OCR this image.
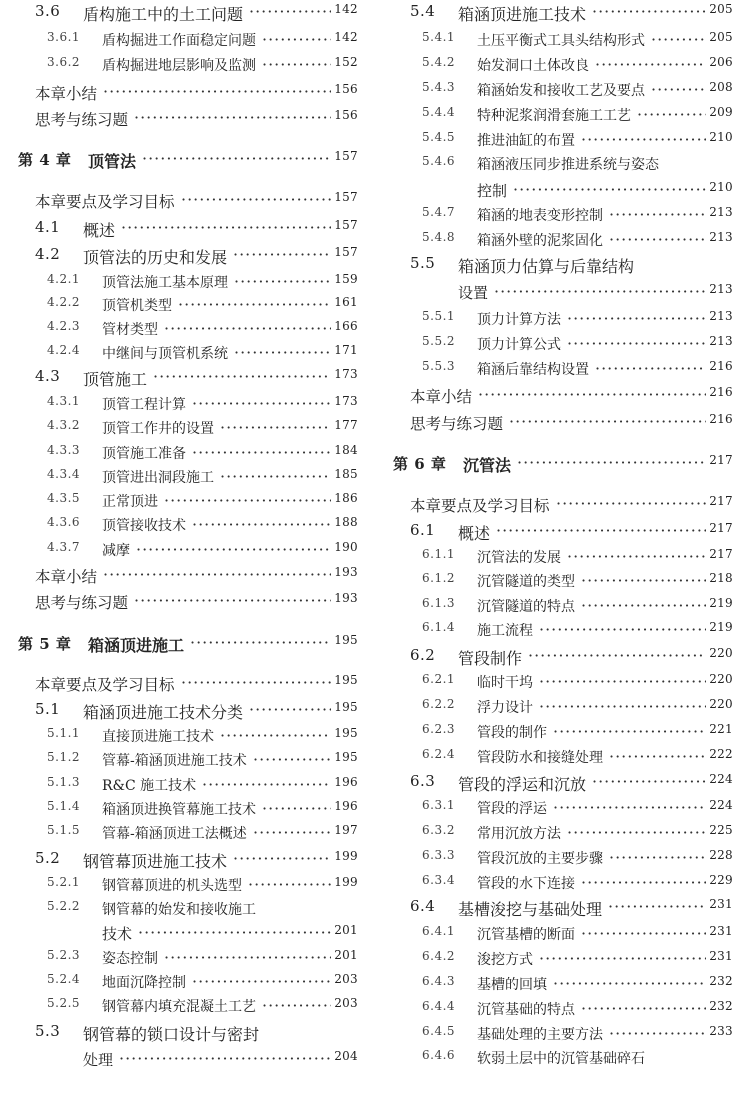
3.6 盾构施工中的土工问题 ·····	142
3.6.1 盾构掘进工作面稳定问题 ·····	142
3.6.2 盾构掘进地层影响及监测 ·····	152
本章小结 ·····	156
思考与练习题 ·····	156
第 4 章 顶管法 ·····	157
本章要点及学习目标 ·····	157
4.1 概述 ·····	157
4.2 顶管法的历史和发展 ·····	157
4.2.1 顶管法施工基本原理 ·····	159
4.2.2 顶管机类型 ·····	161
4.2.3 管材类型 ·····	166
4.2.4 中继间与顶管机系统 ·····	171
4.3 顶管施工 ·····	173
4.3.1 顶管工程计算 ·····	173
4.3.2 顶管工作井的设置 ·····	177
4.3.3 顶管施工准备 ·····	184
4.3.4 顶管进出洞段施工 ·····	185
4.3.5 正常顶进 ·····	186
4.3.6 顶管接收技术 ·····	188
4.3.7 减摩 ·····	190
本章小结 ·····	193
思考与练习题 ·····	193
第 5 章 箱涵顶进施工 ·····	195
本章要点及学习目标 ·····	195
5.1 箱涵顶进施工技术分类 ·····	195
5.1.1 直接顶进施工技术 ·····	195
5.1.2 管幕-箱涵顶进施工技术 ·····	195
5.1.3 R&C 施工技术 ·····	196
5.1.4 箱涵顶进换管幕施工技术 ·····	196
5.1.5 管幕-箱涵顶进工法概述 ·····	197
5.2 钢管幕顶进施工技术 ·····	199
5.2.1 钢管幕顶进的机头选型 ·····	199
5.2.2 钢管幕的始发和接收施工
技术 ·····	201
5.2.3 姿态控制 ·····	201
5.2.4 地面沉降控制 ·····	203
5.2.5 钢管幕内填充混凝土工艺 ·····	203
5.3 钢管幕的锁口设计与密封
处理 ·····	204
5.4 箱涵顶进施工技术 ·····	205
5.4.1 土压平衡式工具头结构形式 ·····	205
5.4.2 始发洞口土体改良 ·····	206
5.4.3 箱涵始发和接收工艺及要点 ·····	208
5.4.4 特种泥浆润滑套施工工艺 ·····	209
5.4.5 推进油缸的布置 ·····	210
5.4.6 箱涵液压同步推进系统与姿态
控制 ·····	210
5.4.7 箱涵的地表变形控制 ·····	213
5.4.8 箱涵外壁的泥浆固化 ·····	213
5.5 箱涵顶力估算与后靠结构
设置 ·····	213
5.5.1 顶力计算方法 ·····	213
5.5.2 顶力计算公式 ·····	213
5.5.3 箱涵后靠结构设置 ·····	216
本章小结 ·····	216
思考与练习题 ·····	216
第 6 章 沉管法 ·····	217
本章要点及学习目标 ·····	217
6.1 概述 ·····	217
6.1.1 沉管法的发展 ·····	217
6.1.2 沉管隧道的类型 ·····	218
6.1.3 沉管隧道的特点 ·····	219
6.1.4 施工流程 ·····	219
6.2 管段制作 ·····	220
6.2.1 临时干坞 ·····	220
6.2.2 浮力设计 ·····	220
6.2.3 管段的制作 ·····	221
6.2.4 管段防水和接缝处理 ·····	222
6.3 管段的浮运和沉放 ·····	224
6.3.1 管段的浮运 ·····	224
6.3.2 常用沉放方法 ·····	225
6.3.3 管段沉放的主要步骤 ·····	228
6.3.4 管段的水下连接 ·····	229
6.4 基槽浚挖与基础处理 ·····	231
6.4.1 沉管基槽的断面 ·····	231
6.4.2 浚挖方式 ·····	231
6.4.3 基槽的回填 ·····	232
6.4.4 沉管基础的特点 ·····	232
6.4.5 基础处理的主要方法 ·····	233
6.4.6 软弱土层中的沉管基础碎石
